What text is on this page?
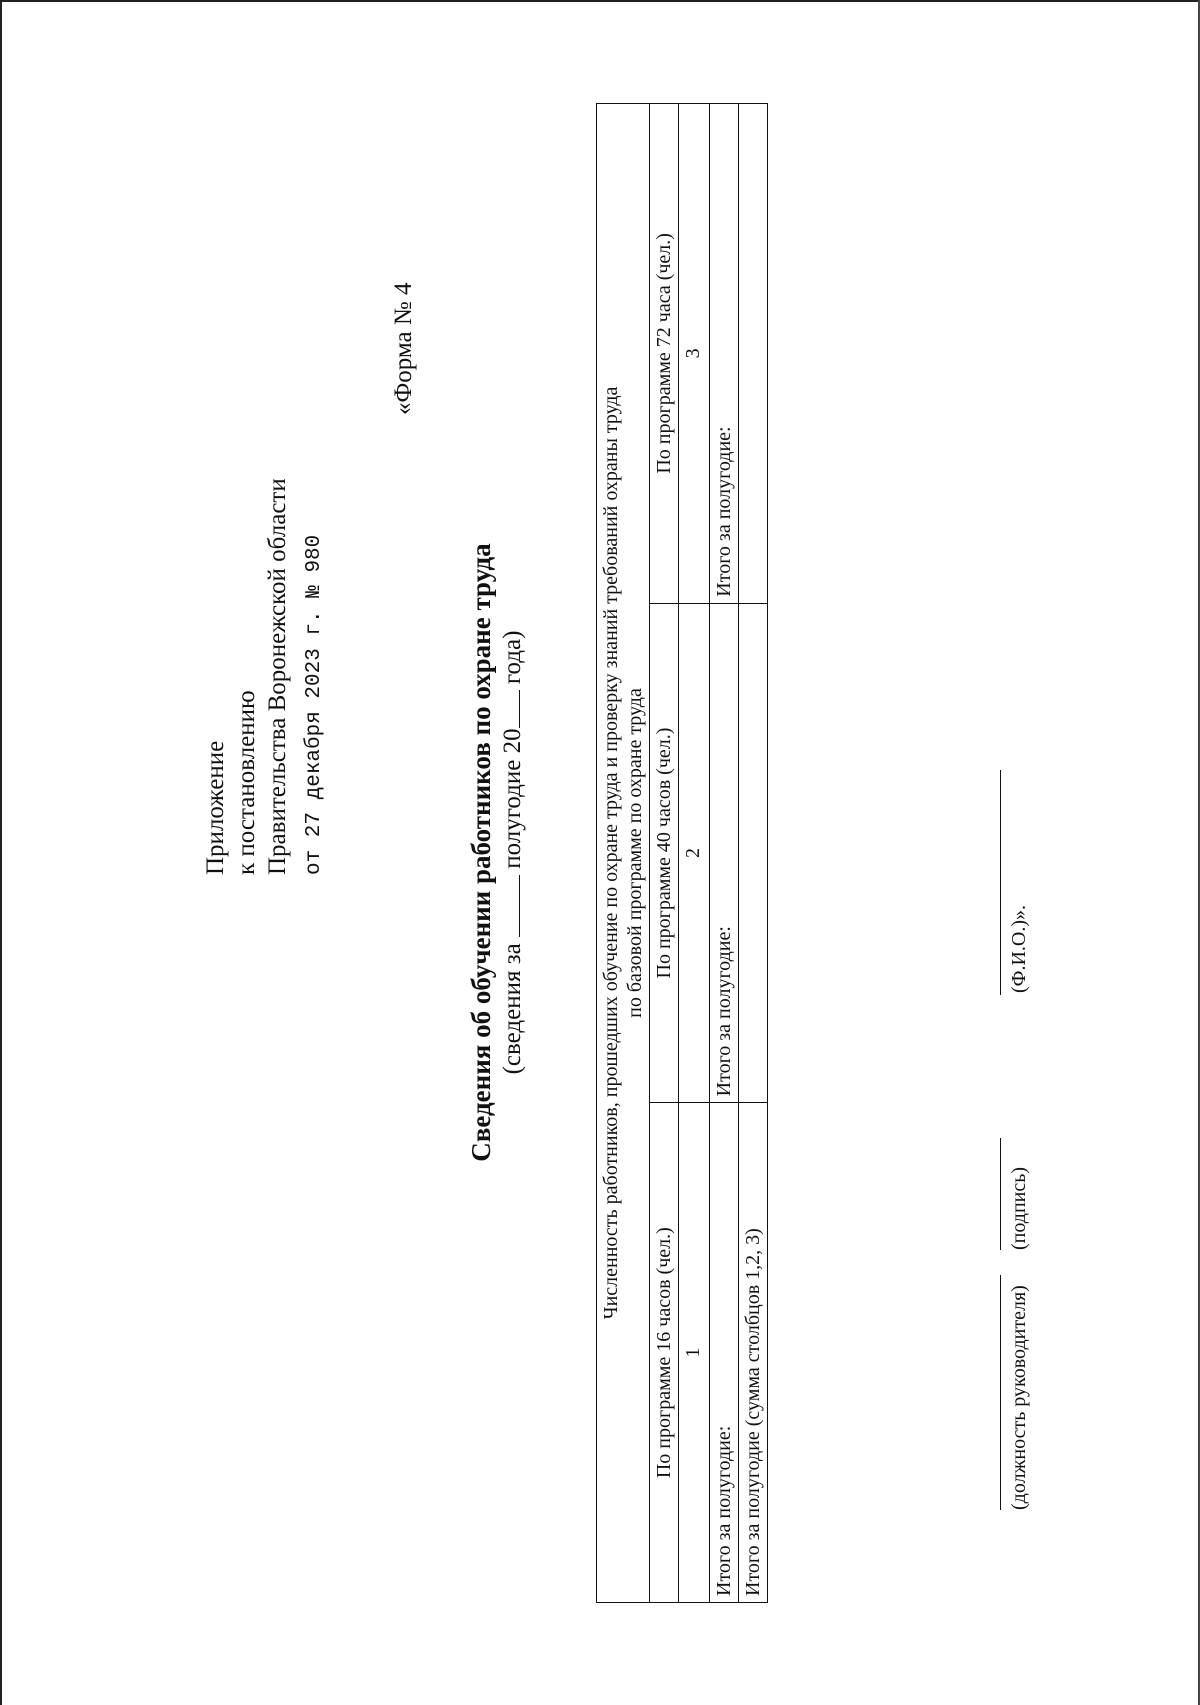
Приложение к постановлению Правительства Воронежской области от 27 декабря 2023 г. № 980
«Форма № 4
Сведения об обучении работников по охране труда (сведения за  полугодие 20 года)	Численность работников, прошедших обучение по охране труда и проверку знаний требований охраны труда по базовой программе по охране труда		

По программе 16 часов (чел.)	По программе 40 часов (чел.)	По программе 72 часа (чел.)
1	2	3
Итого за полугодие:	Итого за полугодие:	Итого за полугодие:
Итого за полугодие (сумма столбцов 1,2, 3)			(должность руководителя)
(подпись)
(Ф.И.О.)».
